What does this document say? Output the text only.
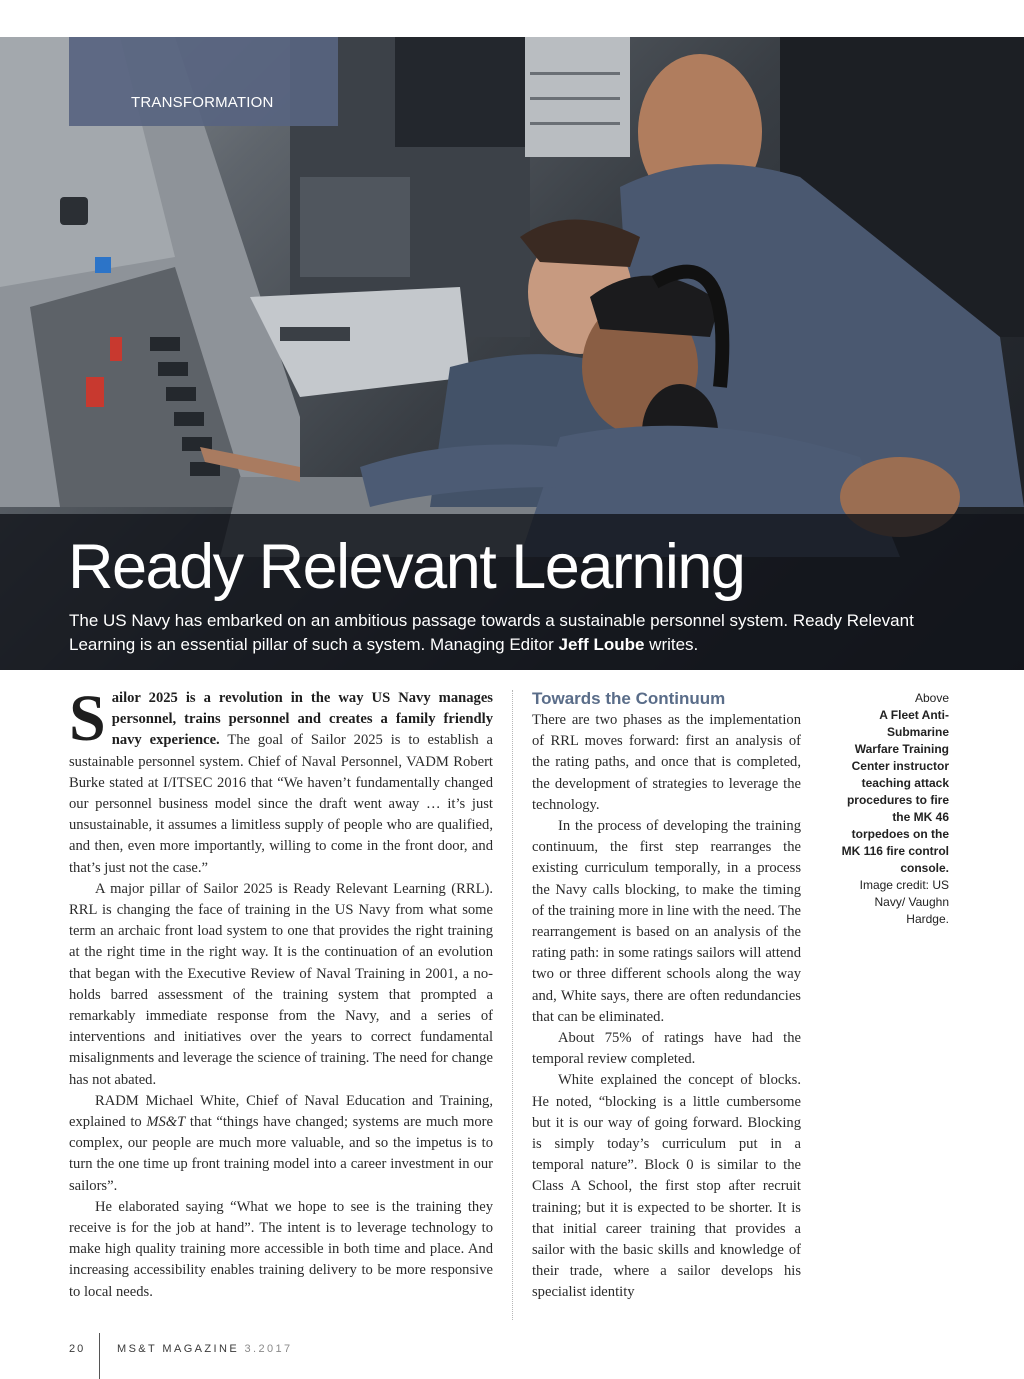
TRANSFORMATION
Ready Relevant Learning
The US Navy has embarked on an ambitious passage towards a sustainable personnel system. Ready Relevant Learning is an essential pillar of such a system. Managing Editor Jeff Loube writes.

Sailor 2025 is a revolution in the way US Navy manages personnel, trains personnel and creates a family friendly navy experience. The goal of Sailor 2025 is to establish a sustainable personnel system. Chief of Naval Personnel, VADM Robert Burke stated at I/ITSEC 2016 that “We haven’t fundamentally changed our personnel business model since the draft went away … it’s just unsustainable, it assumes a limitless supply of people who are qualified, and then, even more importantly, willing to come in the front door, and that’s just not the case.”

A major pillar of Sailor 2025 is Ready Relevant Learning (RRL). RRL is changing the face of training in the US Navy from what some term an archaic front load system to one that provides the right training at the right time in the right way. It is the continuation of an evolution that began with the Executive Review of Naval Training in 2001, a no-holds barred assessment of the training system that prompted a remarkably immediate response from the Navy, and a series of interventions and initiatives over the years to correct fundamental misalignments and leverage the science of training. The need for change has not abated.

RADM Michael White, Chief of Naval Education and Training, explained to MS&T that “things have changed; systems are much more complex, our people are much more valuable, and so the impetus is to turn the one time up front training model into a career investment in our sailors”.

He elaborated saying “What we hope to see is the training they receive is for the job at hand”. The intent is to leverage technology to make high quality training more accessible in both time and place. And increasing accessibility enables training delivery to be more responsive to local needs.

Towards the Continuum

There are two phases as the implementation of RRL moves forward: first an analysis of the rating paths, and once that is completed, the development of strategies to leverage the technology.

In the process of developing the training continuum, the first step rearranges the existing curriculum temporally, in a process the Navy calls blocking, to make the timing of the training more in line with the need. The rearrangement is based on an analysis of the rating path: in some ratings sailors will attend two or three different schools along the way and, White says, there are often redundancies that can be eliminated.

About 75% of ratings have had the temporal review completed.

White explained the concept of blocks. He noted, “blocking is a little cumbersome but it is our way of going forward. Blocking is simply today’s curriculum put in a temporal nature”. Block 0 is similar to the Class A School, the first stop after recruit training; but it is expected to be shorter. It is that initial career training that provides a sailor with the basic skills and knowledge of their trade, where a sailor develops his specialist identity

Above
A Fleet Anti-Submarine Warfare Training Center instructor teaching attack procedures to fire the MK 46 torpedoes on the MK 116 fire control console.
Image credit: US Navy/ Vaughn Hardge.
20	MS&T MAGAZINE 3.2017
